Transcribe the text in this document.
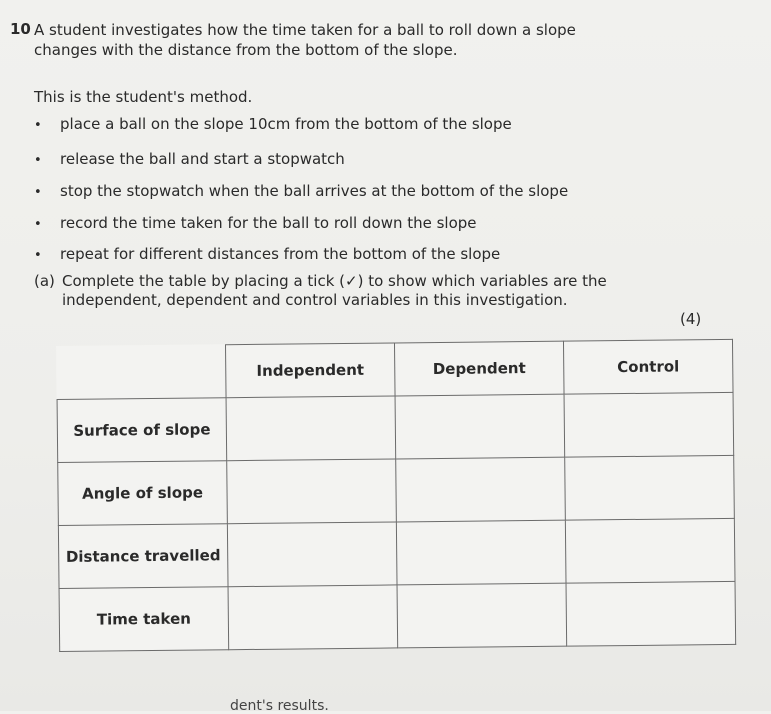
10 A student investigates how the time taken for a ball to roll down a slope changes with the distance from the bottom of the slope.
This is the student's method.
• place a ball on the slope 10cm from the bottom of the slope
• release the ball and start a stopwatch
• stop the stopwatch when the ball arrives at the bottom of the slope
• record the time taken for the ball to roll down the slope
• repeat for different distances from the bottom of the slope
(a) Complete the table by placing a tick (✓) to show which variables are the independent, dependent and control variables in this investigation.
(4)
	Independent	Dependent	Control
Surface of slope			
Angle of slope			
Distance travelled			
Time taken			
dent's results.
